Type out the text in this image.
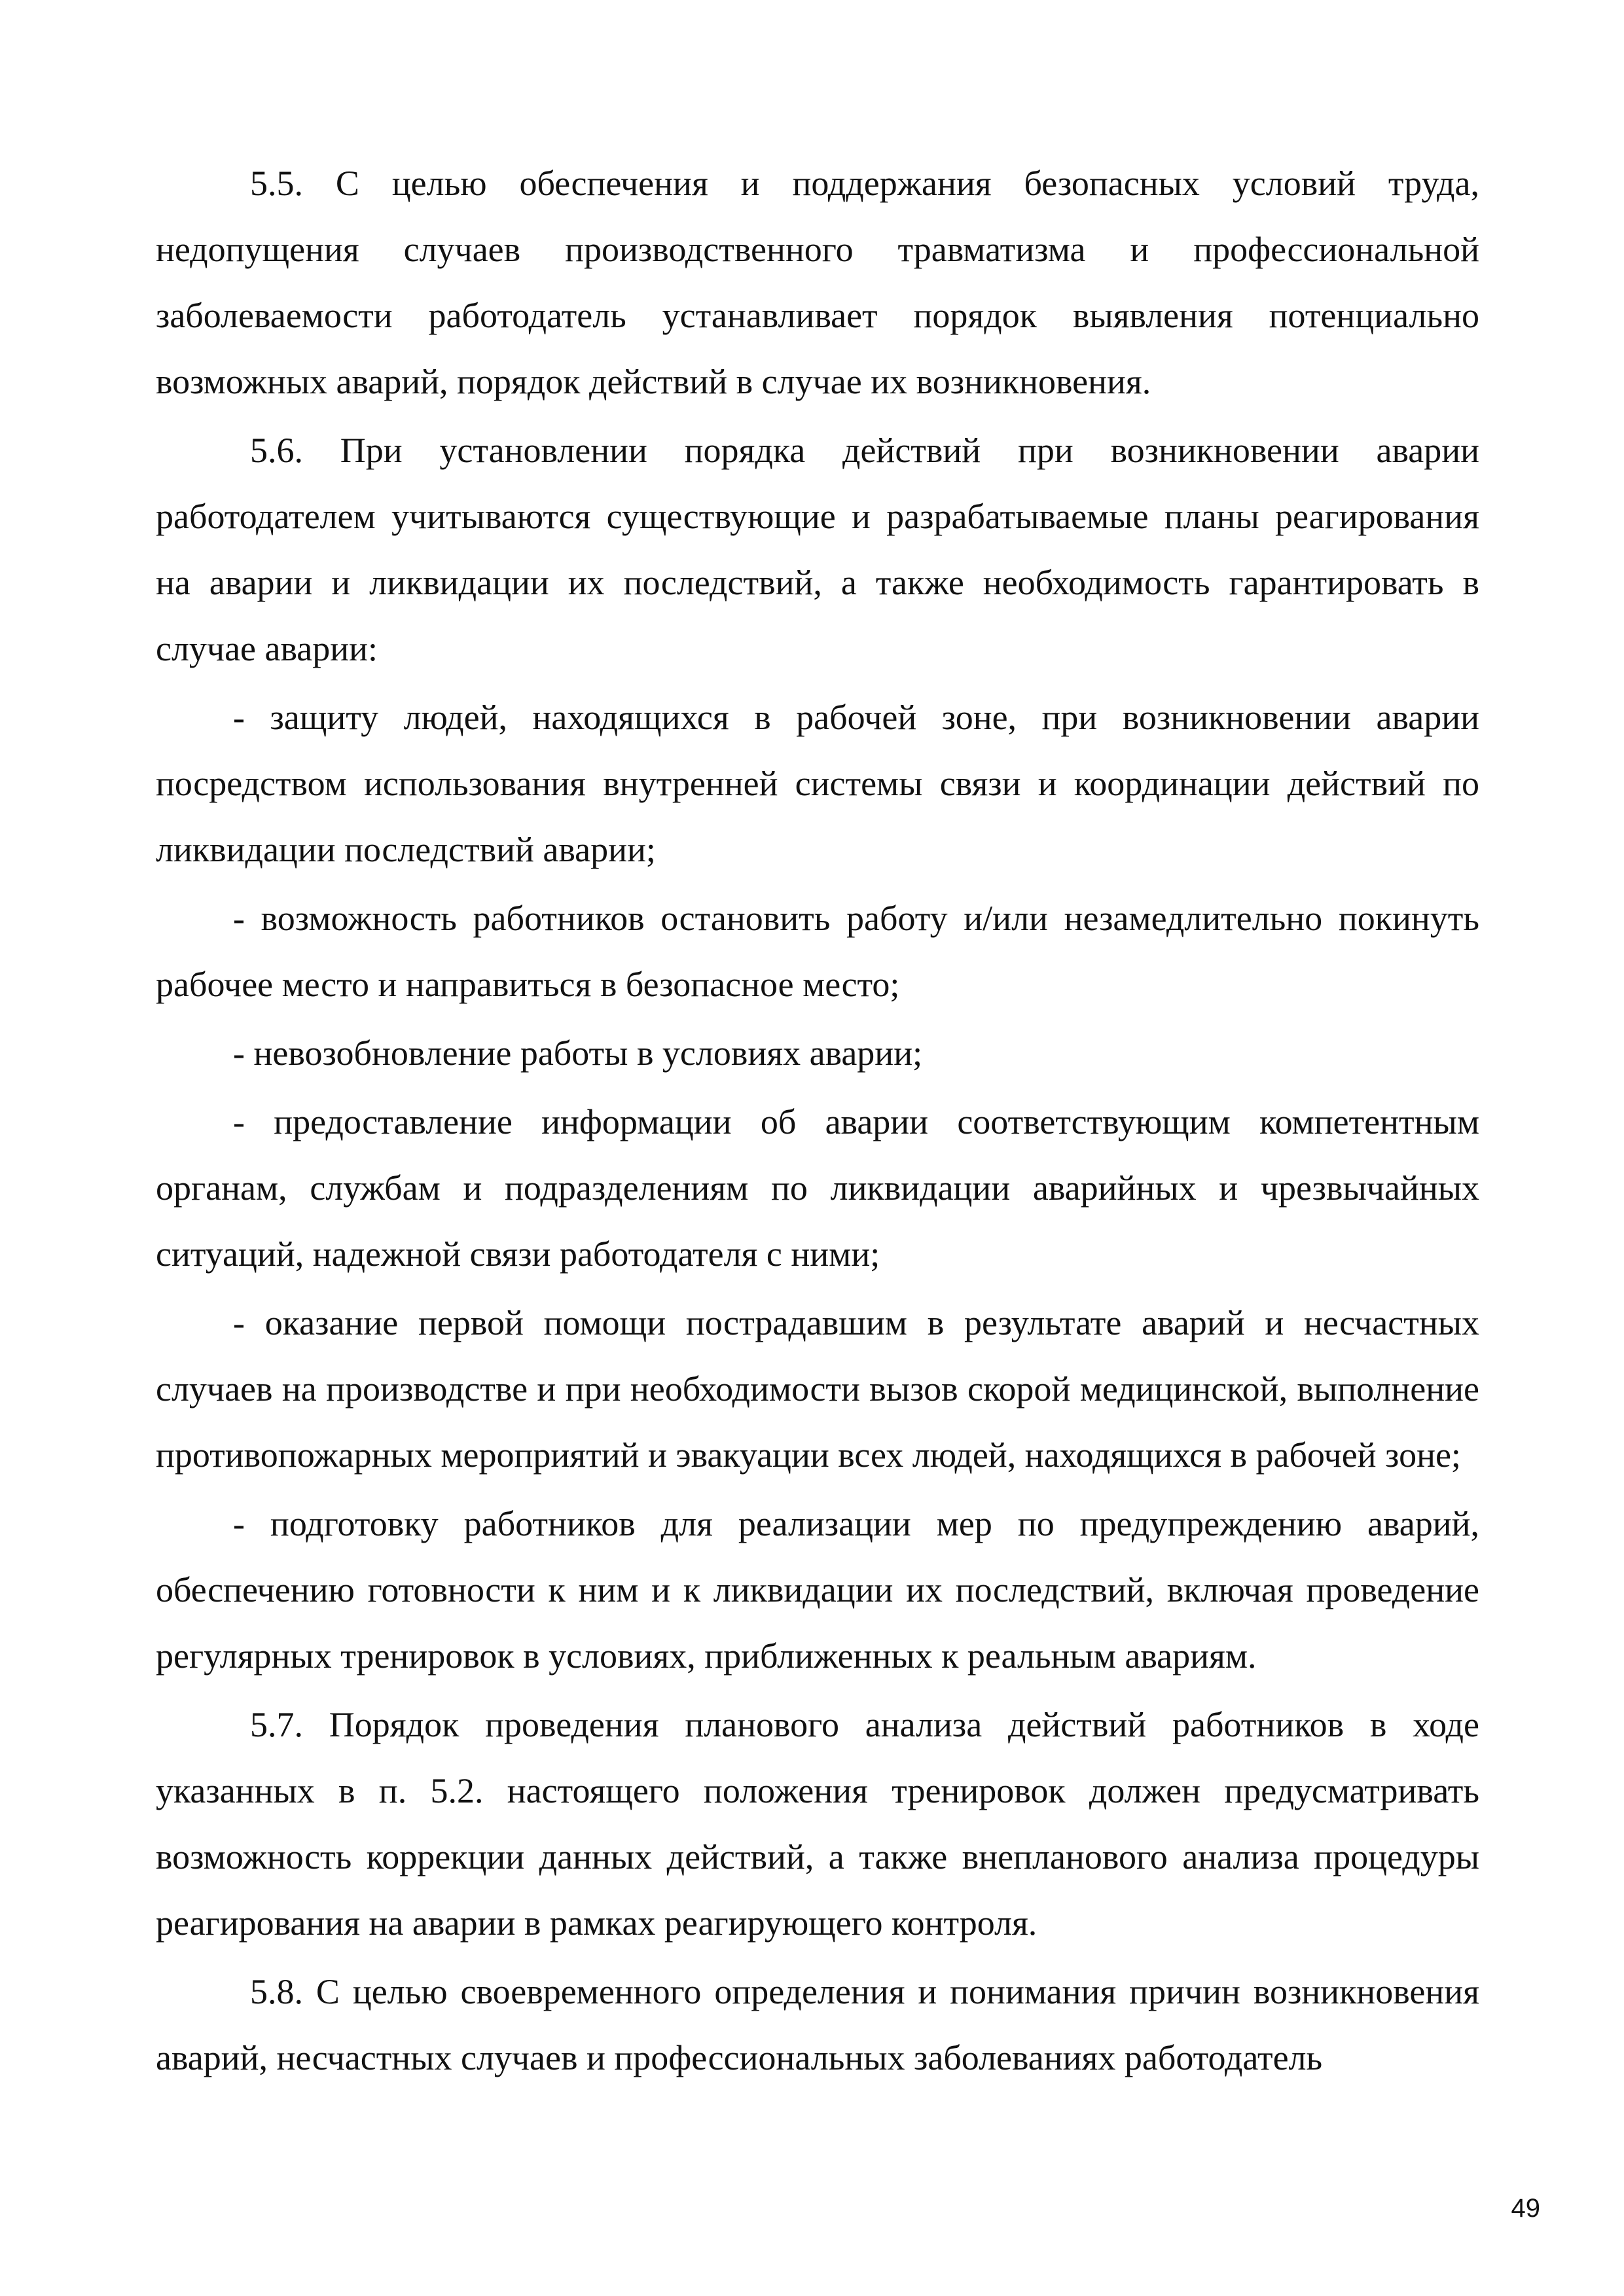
5.5. С целью обеспечения и поддержания безопасных условий труда, недопущения случаев производственного травматизма и профессиональной заболеваемости работодатель устанавливает порядок выявления потенциально возможных аварий, порядок действий в случае их возникновения.

5.6. При установлении порядка действий при возникновении аварии работодателем учитываются существующие и разрабатываемые планы реагирования на аварии и ликвидации их последствий, а также необходимость гарантировать в случае аварии:

- защиту людей, находящихся в рабочей зоне, при возникновении аварии посредством использования внутренней системы связи и координации действий по ликвидации последствий аварии;

- возможность работников остановить работу и/или незамедлительно покинуть рабочее место и направиться в безопасное место;

- невозобновление работы в условиях аварии;

- предоставление информации об аварии соответствующим компетентным органам, службам и подразделениям по ликвидации аварийных и чрезвычайных ситуаций, надежной связи работодателя с ними;

- оказание первой помощи пострадавшим в результате аварий и несчастных случаев на производстве и при необходимости вызов скорой медицинской, выполнение противопожарных мероприятий и эвакуации всех людей, находящихся в рабочей зоне;

- подготовку работников для реализации мер по предупреждению аварий, обеспечению готовности к ним и к ликвидации их последствий, включая проведение регулярных тренировок в условиях, приближенных к реальным авариям.

5.7. Порядок проведения планового анализа действий работников в ходе указанных в п. 5.2. настоящего положения тренировок должен предусматривать возможность коррекции данных действий, а также внепланового анализа процедуры реагирования на аварии в рамках реагирующего контроля.

5.8. С целью своевременного определения и понимания причин возникновения аварий, несчастных случаев и профессиональных заболеваниях работодатель

49
